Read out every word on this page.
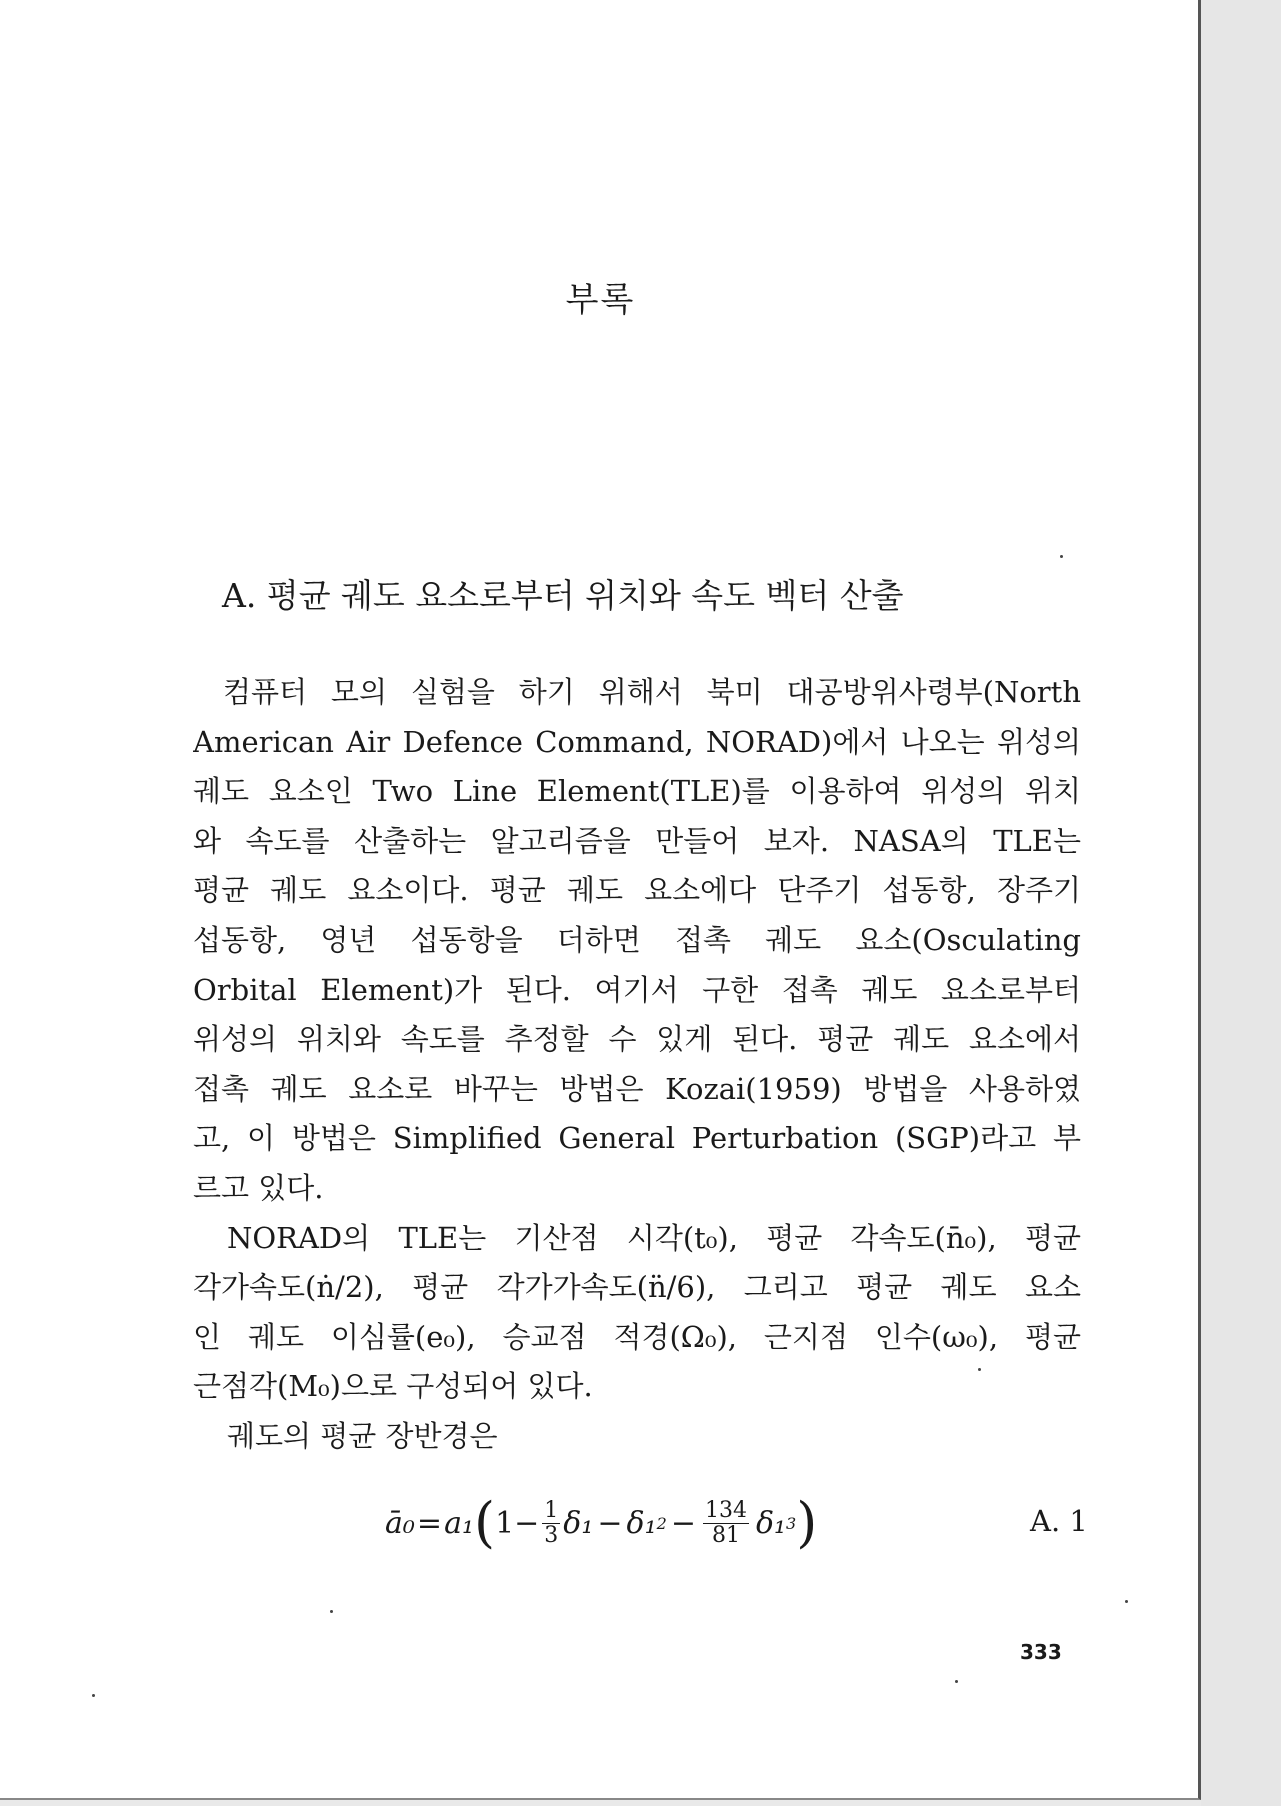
부록
A. 평균 궤도 요소로부터 위치와 속도 벡터 산출
컴퓨터 모의 실험을 하기 위해서 북미 대공방위사령부(North
American Air Defence Command, NORAD)에서 나오는 위성의
궤도 요소인 Two Line Element(TLE)를 이용하여 위성의 위치
와 속도를 산출하는 알고리즘을 만들어 보자. NASA의 TLE는
평균 궤도 요소이다. 평균 궤도 요소에다 단주기 섭동항, 장주기
섭동항, 영년 섭동항을 더하면 접촉 궤도 요소(Osculating
Orbital Element)가 된다. 여기서 구한 접촉 궤도 요소로부터
위성의 위치와 속도를 추정할 수 있게 된다. 평균 궤도 요소에서
접촉 궤도 요소로 바꾸는 방법은 Kozai(1959) 방법을 사용하였
고, 이 방법은 Simplified General Perturbation (SGP)라고 부
르고 있다.
NORAD의 TLE는 기산점 시각(t₀), 평균 각속도(n̄₀), 평균
각가속도(ṅ/2), 평균 각가가속도(n̈/6), 그리고 평균 궤도 요소
인 궤도 이심률(e₀), 승교점 적경(Ω₀), 근지점 인수(ω₀), 평균
근점각(M₀)으로 구성되어 있다.
궤도의 평균 장반경은
ā₀ = a₁ ( $1 - \frac{1}{3} \delta_1 - \delta_1$ $2 - \frac{134}{81} \delta_1$ 3 )	A. 1
333
